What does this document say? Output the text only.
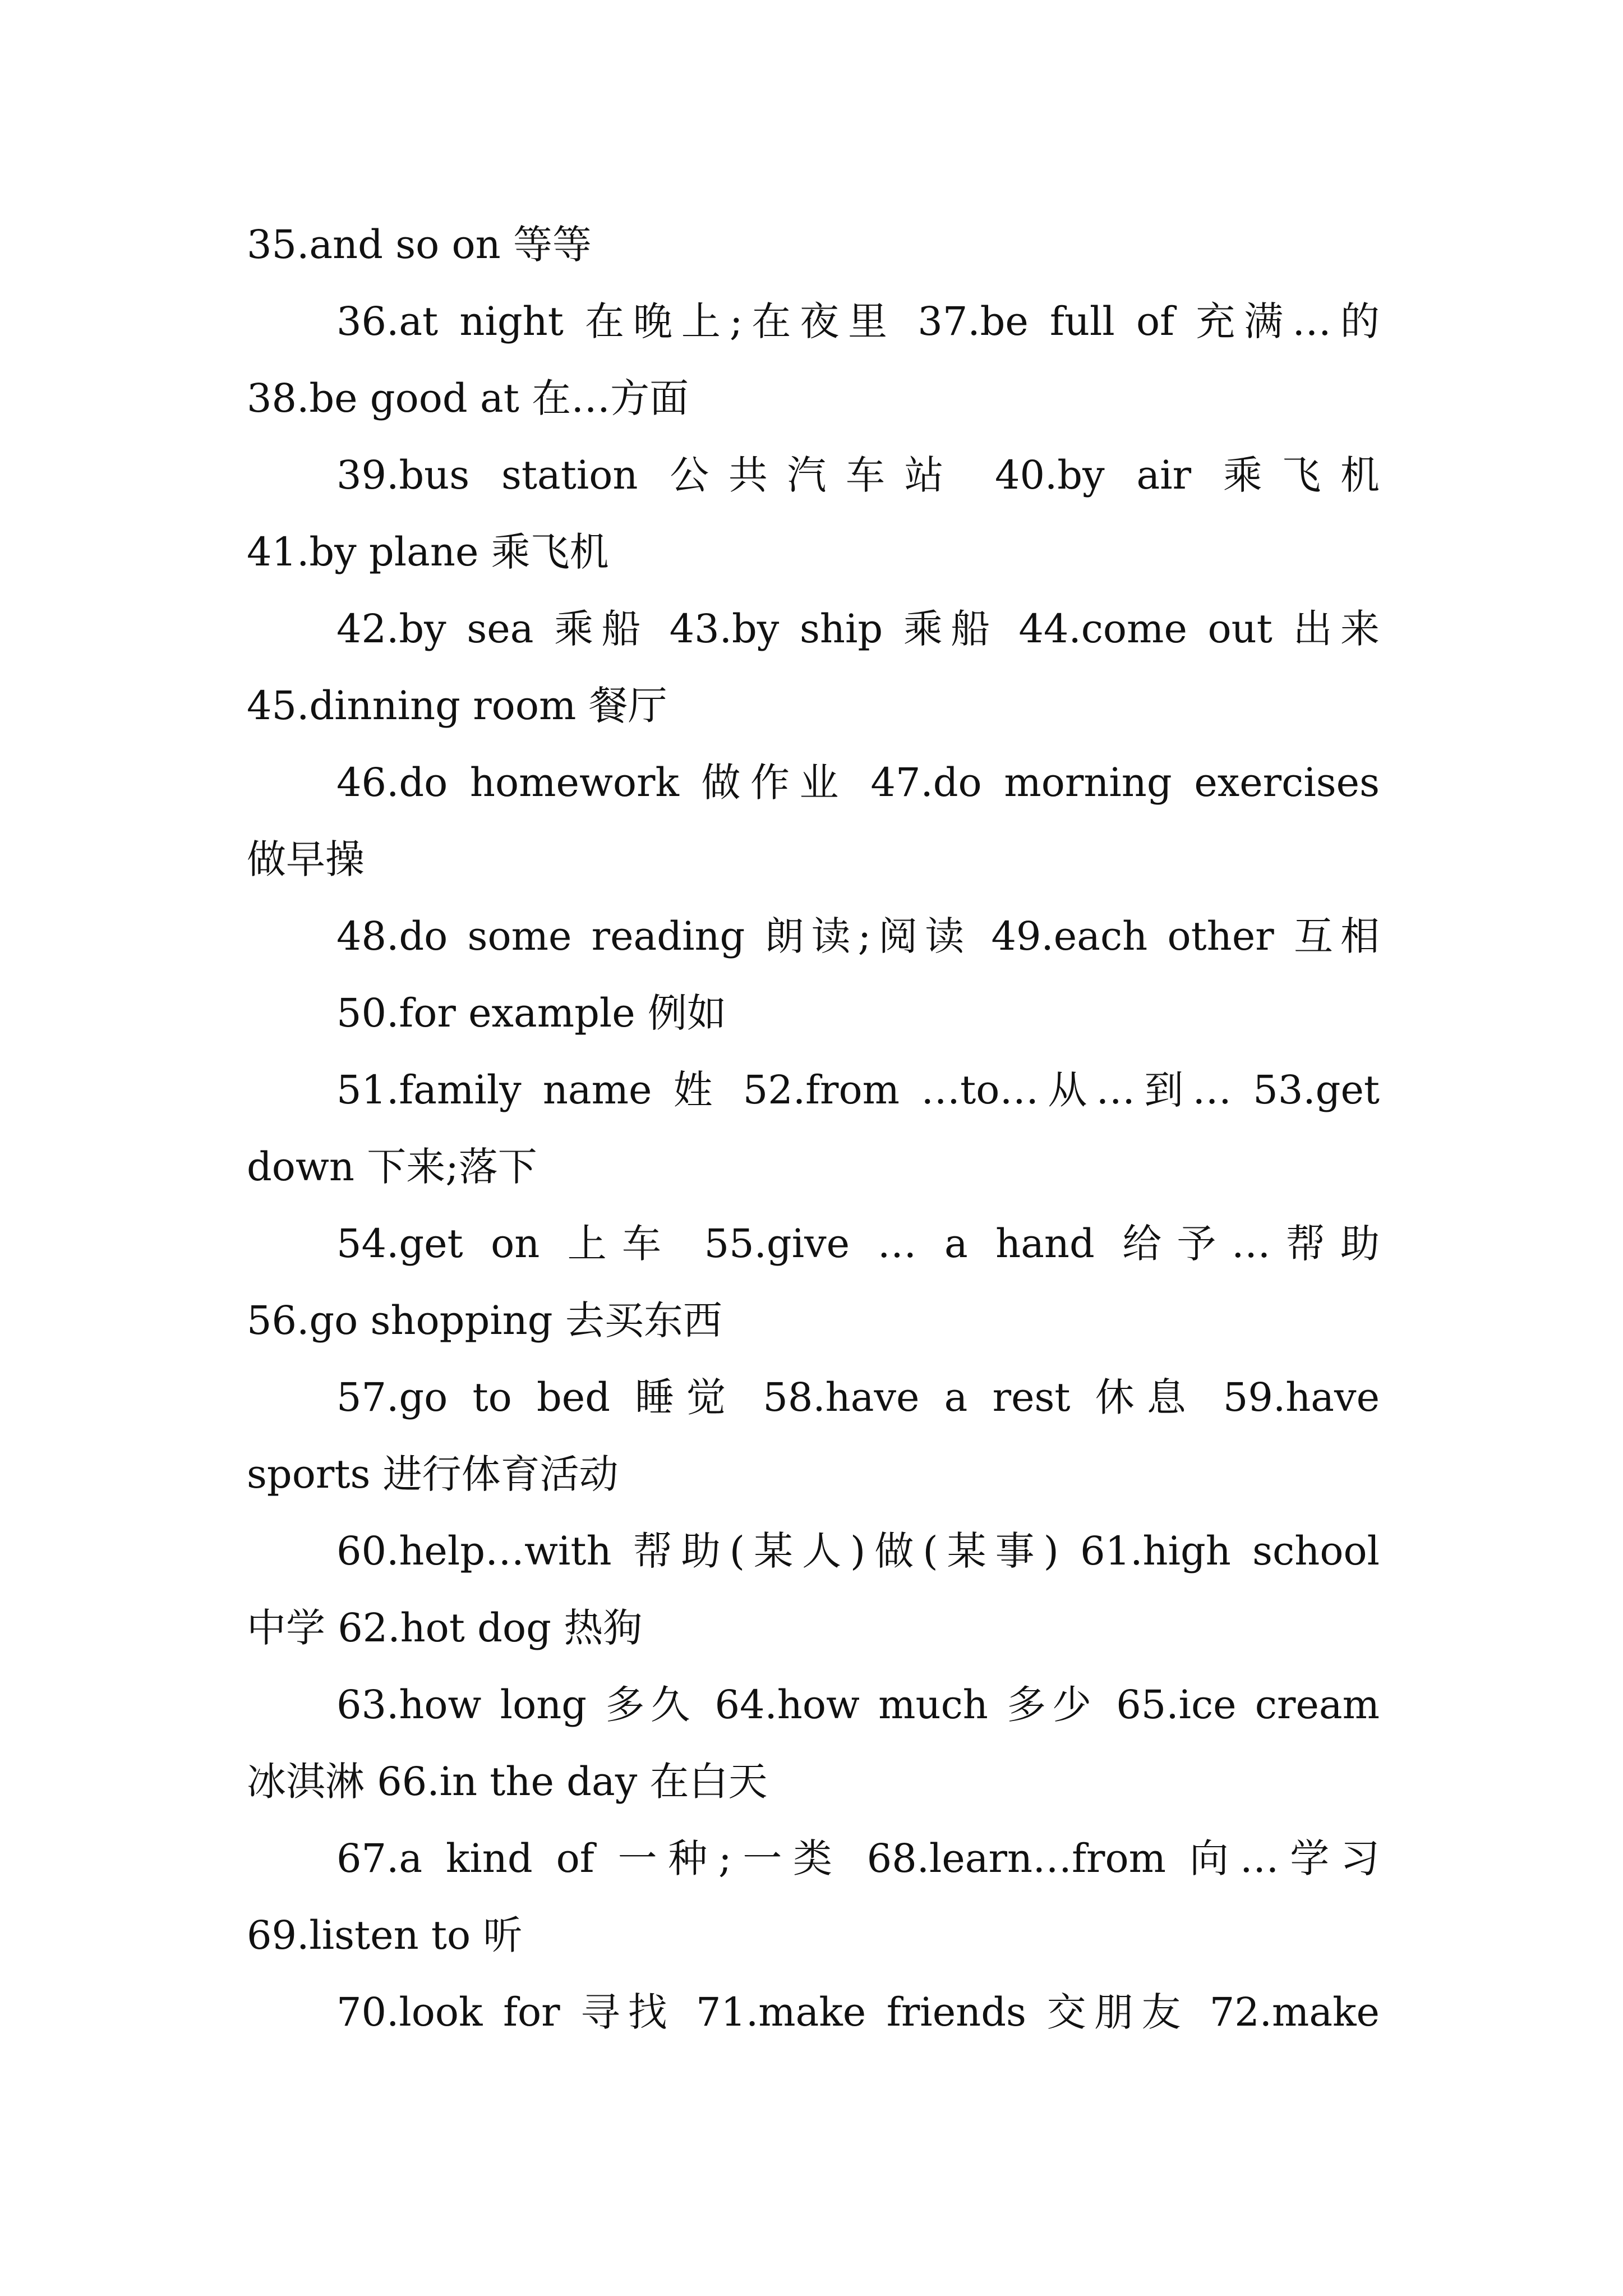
35.and so on 等等
36.at night 在晚上;在夜里 37.be full of 充满…的
38.be good at 在…方面
39.bus station 公共汽车站 40.by air 乘飞机
41.by plane 乘飞机
42.by sea 乘船 43.by ship 乘船 44.come out 出来
45.dinning room 餐厅
46.do homework 做作业 47.do morning exercises
做早操
48.do some reading 朗读;阅读 49.each other 互相
50.for example 例如
51.family name 姓 52.from …to…从…到… 53.get
down 下来;落下
54.get on 上车 55.give … a hand 给予…帮助
56.go shopping 去买东西
57.go to bed 睡觉 58.have a rest 休息 59.have
sports 进行体育活动
60.help…with 帮助(某人)做(某事) 61.high school
中学 62.hot dog 热狗
63.how long 多久 64.how much 多少 65.ice cream
冰淇淋 66.in the day 在白天
67.a kind of 一种;一类 68.learn…from 向…学习
69.listen to 听
70.look for 寻找 71.make friends 交朋友 72.make
